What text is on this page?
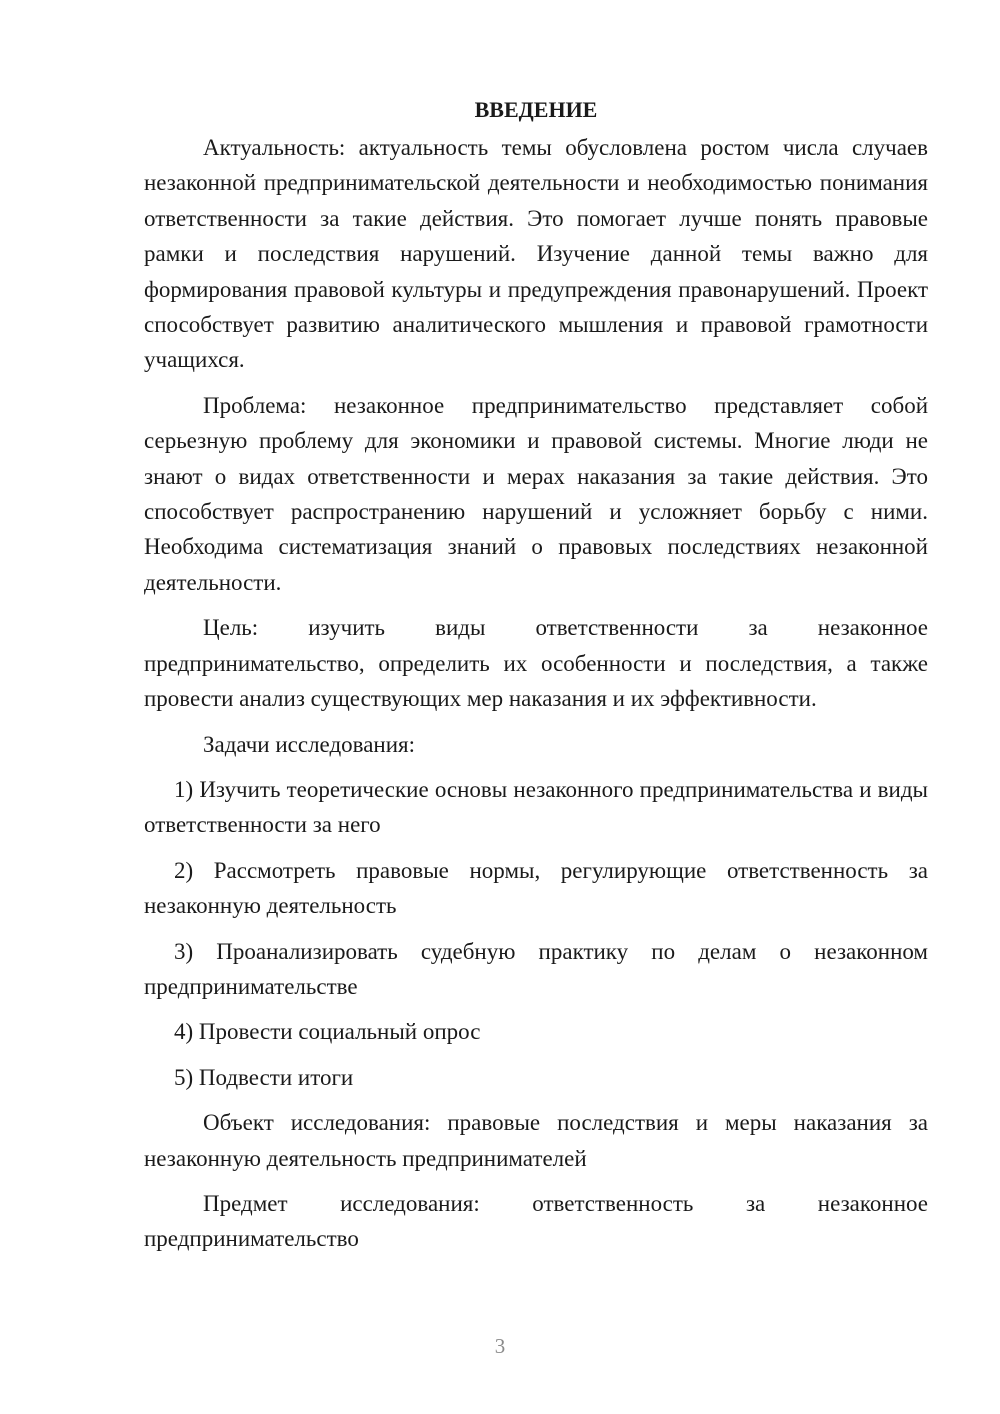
ВВЕДЕНИЕ

Актуальность: актуальность темы обусловлена ростом числа случаев незаконной предпринимательской деятельности и необходимостью понимания ответственности за такие действия. Это помогает лучше понять правовые рамки и последствия нарушений. Изучение данной темы важно для формирования правовой культуры и предупреждения правонарушений. Проект способствует развитию аналитического мышления и правовой грамотности учащихся.

Проблема: незаконное предпринимательство представляет собой серьезную проблему для экономики и правовой системы. Многие люди не знают о видах ответственности и мерах наказания за такие действия. Это способствует распространению нарушений и усложняет борьбу с ними. Необходима систематизация знаний о правовых последствиях незаконной деятельности.

Цель: изучить виды ответственности за незаконное предпринимательство, определить их особенности и последствия, а также провести анализ существующих мер наказания и их эффективности.

Задачи исследования:

1) Изучить теоретические основы незаконного предпринимательства и виды ответственности за него

2) Рассмотреть правовые нормы, регулирующие ответственность за незаконную деятельность

3) Проанализировать судебную практику по делам о незаконном предпринимательстве

4) Провести социальный опрос

5) Подвести итоги

Объект исследования: правовые последствия и меры наказания за незаконную деятельность предпринимателей

Предмет исследования: ответственность за незаконное предпринимательство

3
